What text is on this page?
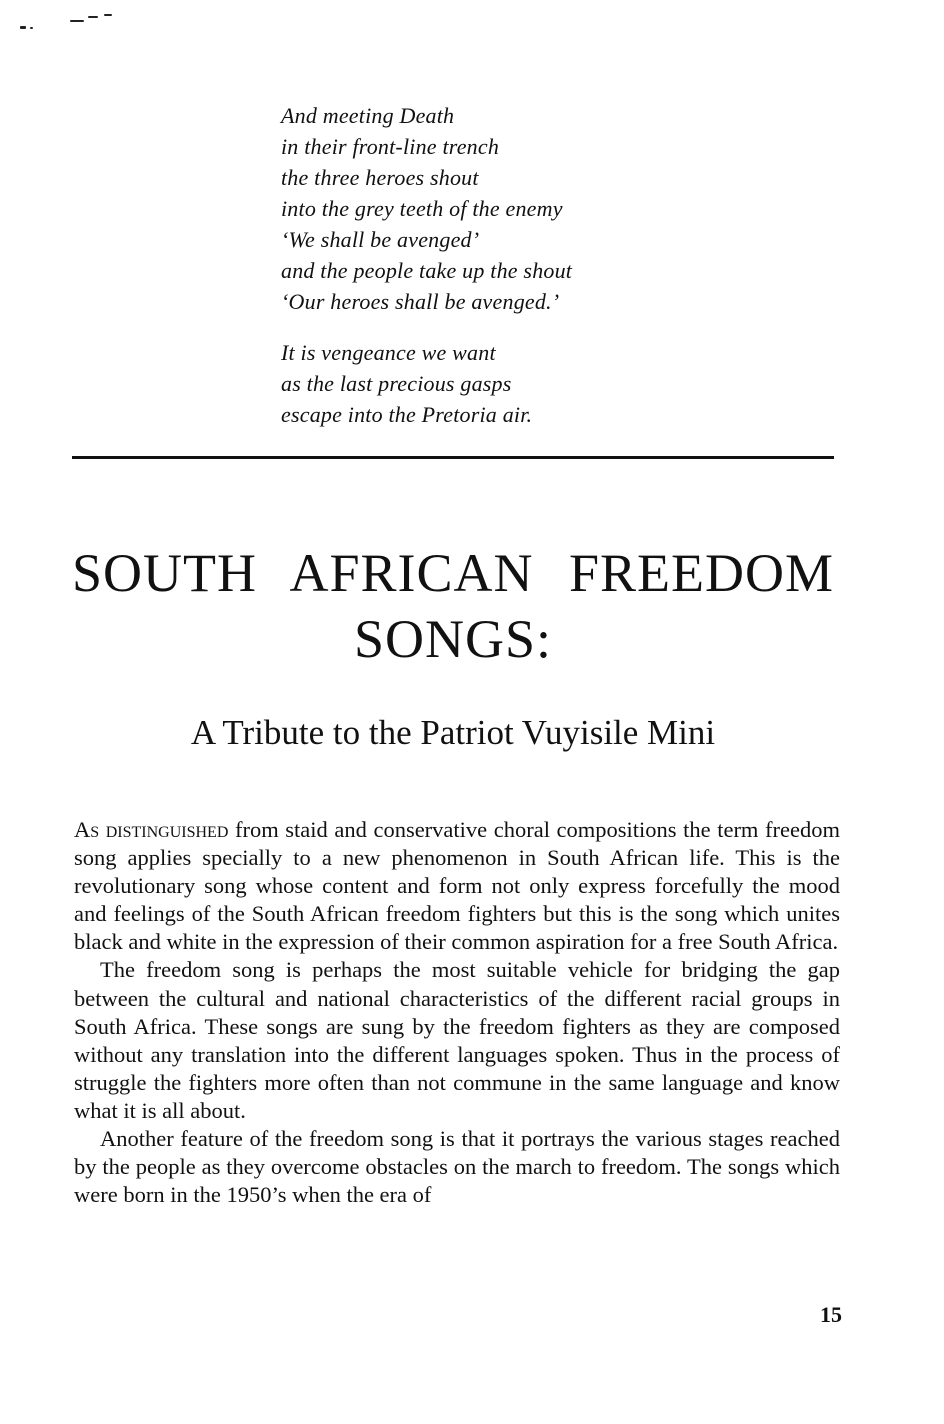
And meeting Death
in their front-line trench
the three heroes shout
into the grey teeth of the enemy
‘We shall be avenged’
and the people take up the shout
‘Our heroes shall be avenged.’

It is vengeance we want
as the last precious gasps
escape into the Pretoria air.

SOUTH AFRICAN FREEDOM
SONGS:
A Tribute to the Patriot Vuyisile Mini

As distinguished from staid and conservative choral compositions the term freedom song applies specially to a new phenomenon in South African life. This is the revolutionary song whose content and form not only express forcefully the mood and feelings of the South African freedom fighters but this is the song which unites black and white in the expression of their common aspiration for a free South Africa.

The freedom song is perhaps the most suitable vehicle for bridging the gap between the cultural and national characteristics of the different racial groups in South Africa. These songs are sung by the freedom fighters as they are composed without any translation into the different languages spoken. Thus in the process of struggle the fighters more often than not commune in the same language and know what it is all about.

Another feature of the freedom song is that it portrays the various stages reached by the people as they overcome obstacles on the march to freedom. The songs which were born in the 1950’s when the era of

15
